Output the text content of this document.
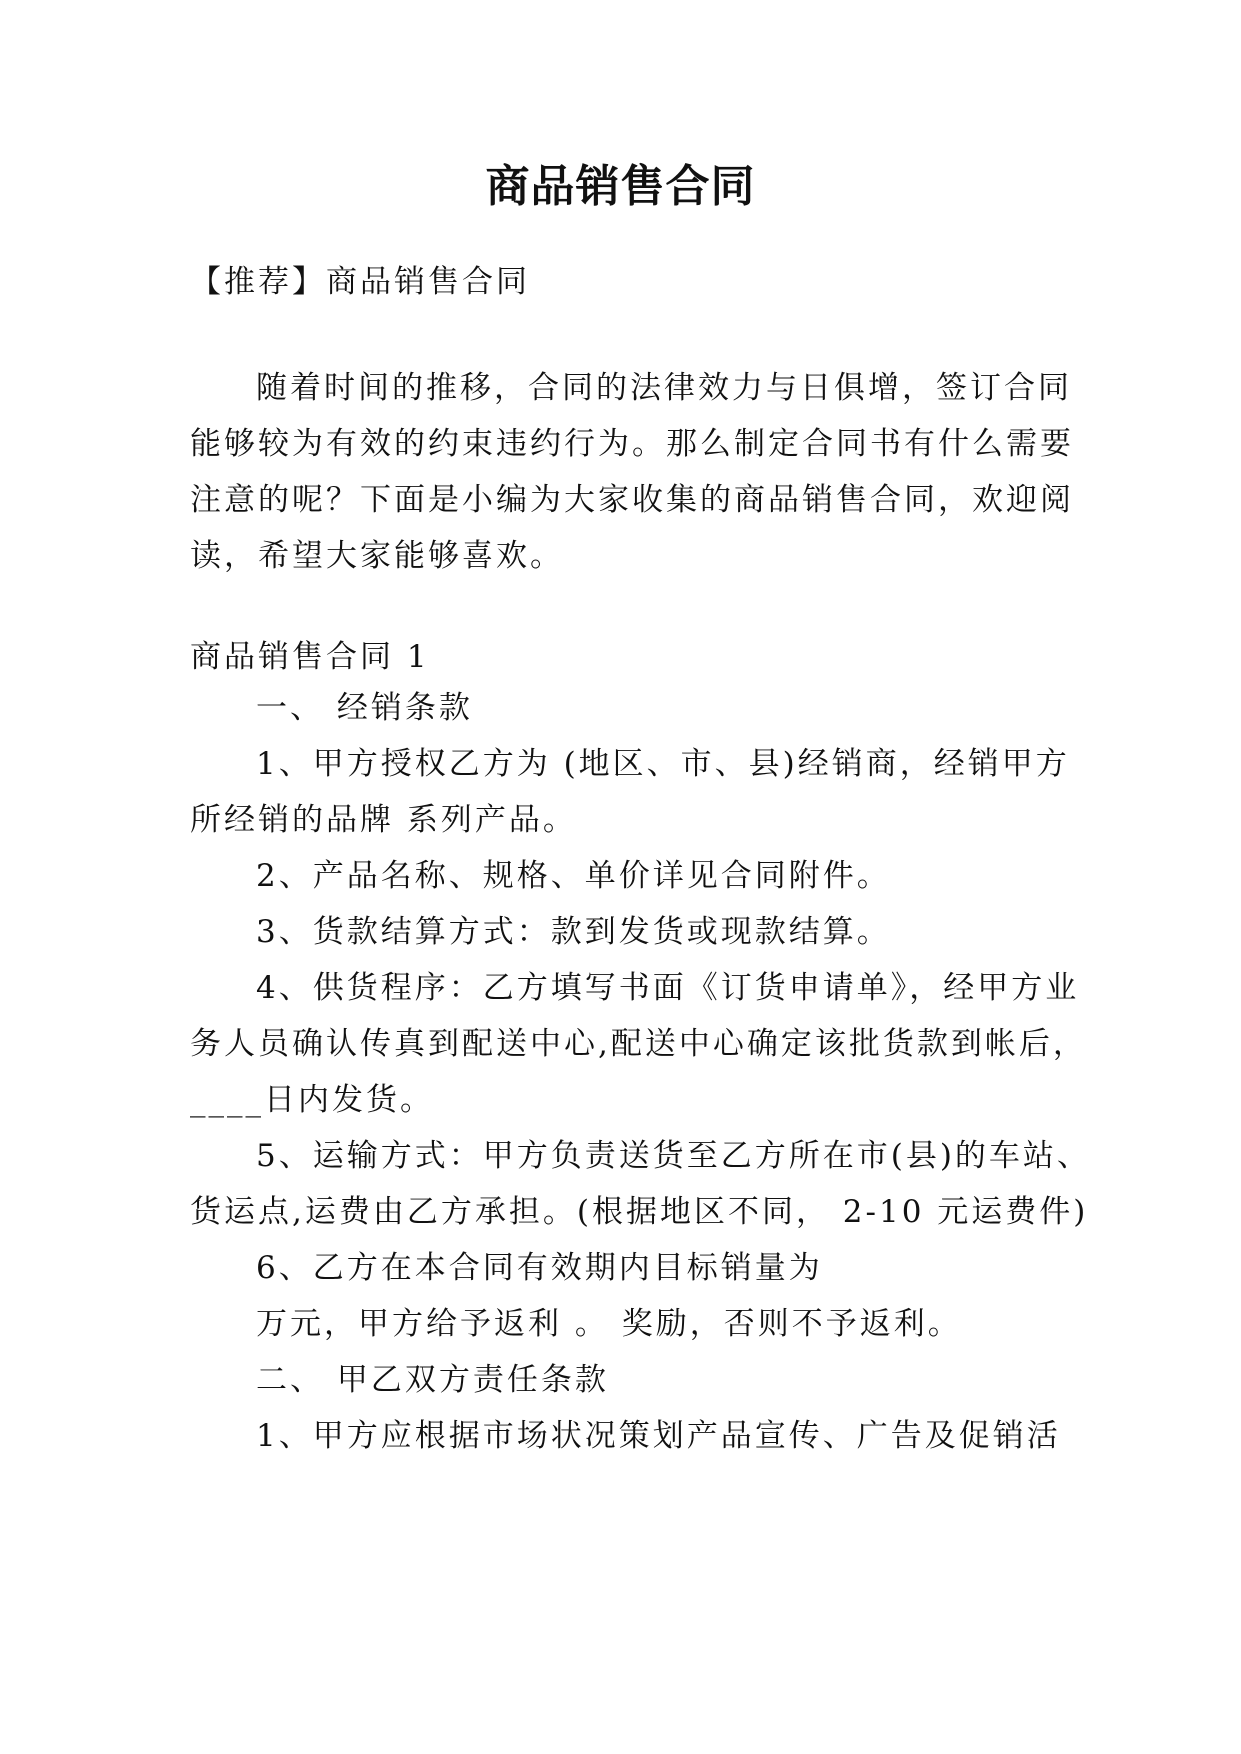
商品销售合同
【推荐】商品销售合同
随着时间的推移，合同的法律效力与日俱增，签订合同
能够较为有效的约束违约行为。那么制定合同书有什么需要
注意的呢？下面是小编为大家收集的商品销售合同，欢迎阅
读，希望大家能够喜欢。
商品销售合同 1
一、 经销条款
1、甲方授权乙方为 (地区、市、县)经销商，经销甲方
所经销的品牌 系列产品。
2、产品名称、规格、单价详见合同附件。
3、货款结算方式：款到发货或现款结算。
4、供货程序：乙方填写书面《订货申请单》，经甲方业
务人员确认传真到配送中心,配送中心确定该批货款到帐后，
____日内发货。
5、运输方式：甲方负责送货至乙方所在市(县)的车站、
货运点,运费由乙方承担。(根据地区不同， 2-10 元运费件)
6、乙方在本合同有效期内目标销量为
万元，甲方给予返利 。 奖励，否则不予返利。
二、 甲乙双方责任条款
1、甲方应根据市场状况策划产品宣传、广告及促销活
